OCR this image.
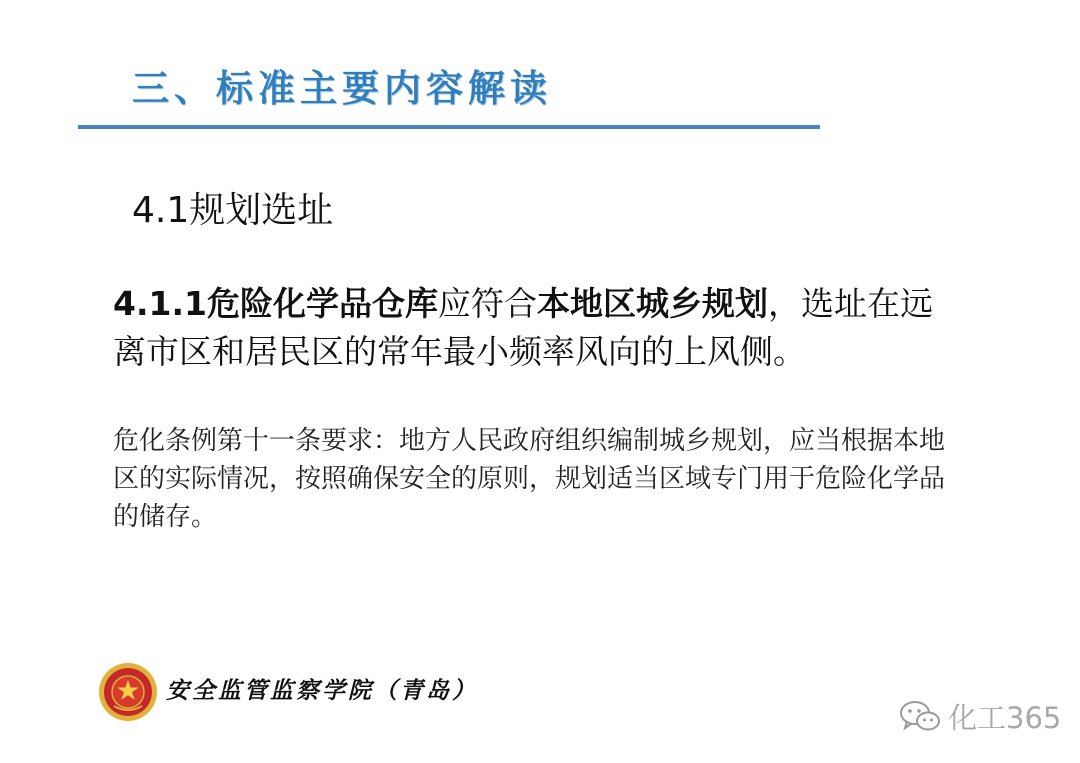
三、标准主要内容解读
4.1规划选址
4.1.1危险化学品仓库应符合本地区城乡规划，选址在远离市区和居民区的常年最小频率风向的上风侧。
危化条例第十一条要求：地方人民政府组织编制城乡规划，应当根据本地区的实际情况，按照确保安全的原则，规划适当区域专门用于危险化学品的储存。
安全监管监察学院（青岛）
化工365
